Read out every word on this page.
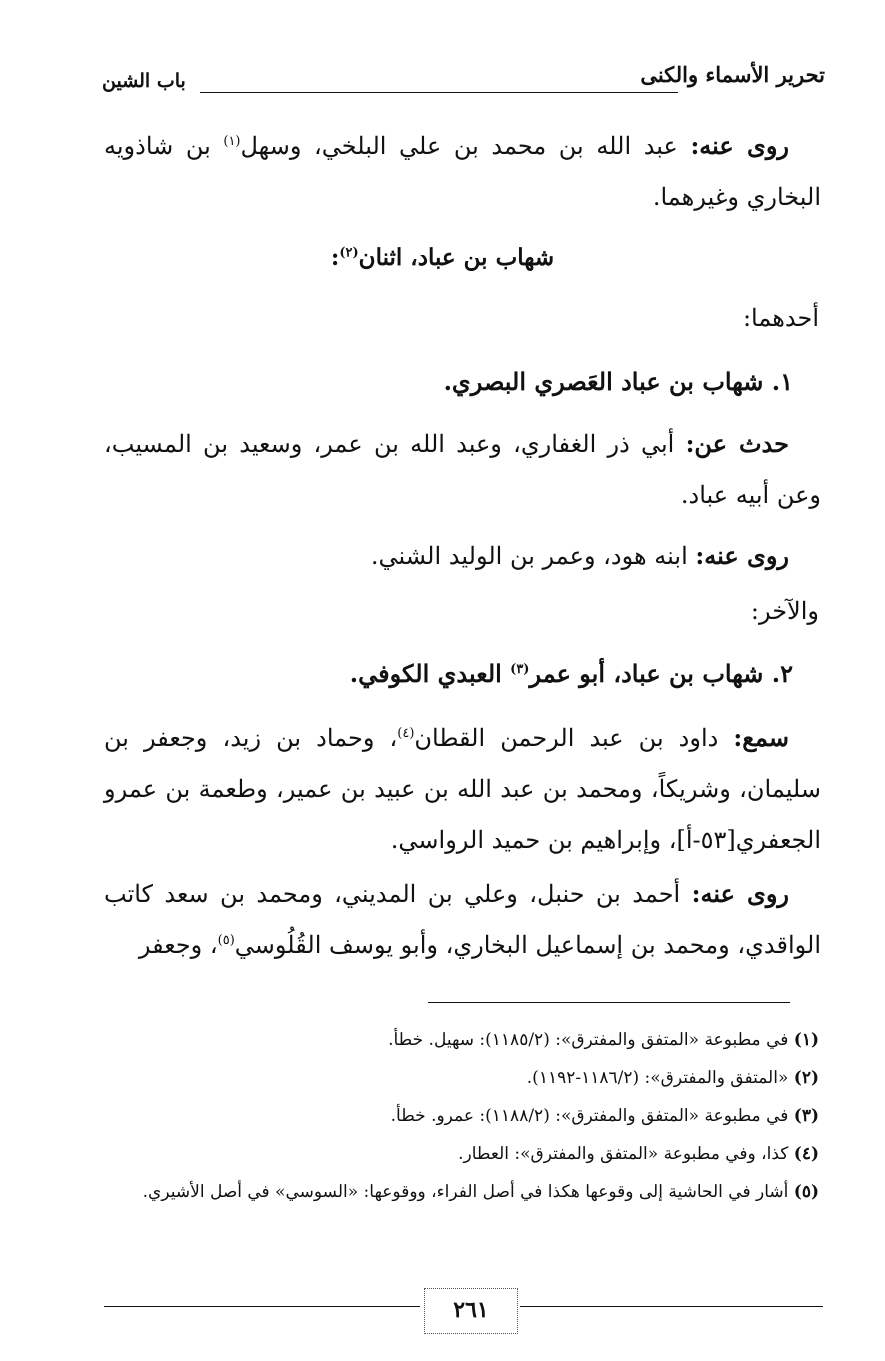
تحرير الأسماء والكنى
باب الشين
روى عنه: عبد الله بن محمد بن علي البلخي، وسهل$^{(١)}$ بن شاذويه البخاري وغيرهما.
شهاب بن عباد، اثنان$^{(٢)}$:
أحدهما:
١. شهاب بن عباد العَصري البصري.
حدث عن: أبي ذر الغفاري، وعبد الله بن عمر، وسعيد بن المسيب، وعن أبيه عباد.
روى عنه: ابنه هود، وعمر بن الوليد الشني.
والآخر:
٢. شهاب بن عباد، أبو عمر$^{(٣)}$ العبدي الكوفي.
سمع: داود بن عبد الرحمن القطان$^{(٤)}$، وحماد بن زيد، وجعفر بن سليمان، وشريكاً، ومحمد بن عبد الله بن عبيد بن عمير، وطعمة بن عمرو الجعفري[٥٣-أ]، وإبراهيم بن حميد الرواسي.
روى عنه: أحمد بن حنبل، وعلي بن المديني، ومحمد بن سعد كاتب الواقدي، ومحمد بن إسماعيل البخاري، وأبو يوسف القُلُوسي$^{(٥)}$، وجعفر
(١) في مطبوعة «المتفق والمفترق»: (١١٨٥/٢): سهيل. خطأ.
(٢) «المتفق والمفترق»: (١١٨٦/٢-١١٩٢).
(٣) في مطبوعة «المتفق والمفترق»: (١١٨٨/٢): عمرو. خطأ.
(٤) كذا، وفي مطبوعة «المتفق والمفترق»: العطار.
(٥) أشار في الحاشية إلى وقوعها هكذا في أصل الفراء، ووقوعها: «السوسي» في أصل الأشيري.
٢٦١
